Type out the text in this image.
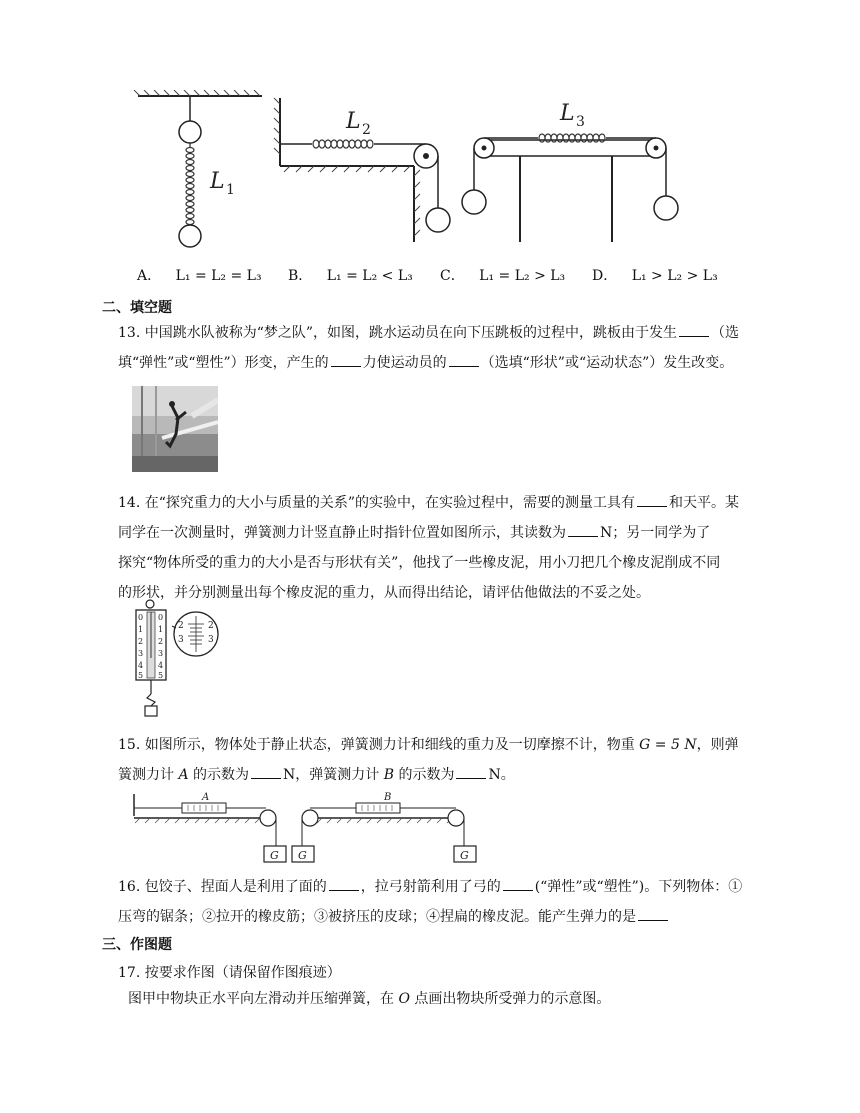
L 1
L 2
L 3
A． L₁ = L₂ = L₃ B． L₁ = L₂ < L₃ C． L₁ = L₂ > L₃ D． L₁ > L₂ > L₃
二、填空题
13. 中国跳水队被称为“梦之队”，如图，跳水运动员在向下压跳板的过程中，跳板由于发生 （选
填“弹性”或“塑性”）形变，产生的 力使运动员的 （选填“形状”或“运动状态”）发生改变。
14. 在“探究重力的大小与质量的关系”的实验中，在实验过程中，需要的测量工具有 和天平。某
同学在一次测量时，弹簧测力计竖直静止时指针位置如图所示，其读数为 N；另一同学为了
探究“物体所受的重力的大小是否与形状有关”，他找了一些橡皮泥，用小刀把几个橡皮泥削成不同
的形状，并分别测量出每个橡皮泥的重力，从而得出结论，请评估他做法的不妥之处。
0
1
2
3
4
5
0
1
2
3
4
5
2
3
2
3
15. 如图所示，物体处于静止状态，弹簧测力计和细线的重力及一切摩擦不计，物重 G = 5 N，则弹
簧测力计 A 的示数为 N，弹簧测力计 B 的示数为 N。
G
A
G	G
B
16. 包饺子、捏面人是利用了面的 ，拉弓射箭利用了弓的 (“弹性”或“塑性”)。下列物体：①
压弯的锯条；②拉开的橡皮筋；③被挤压的皮球；④捏扁的橡皮泥。能产生弹力的是
三、作图题
17. 按要求作图（请保留作图痕迹）
图甲中物块正水平向左滑动并压缩弹簧，在 O 点画出物块所受弹力的示意图。
